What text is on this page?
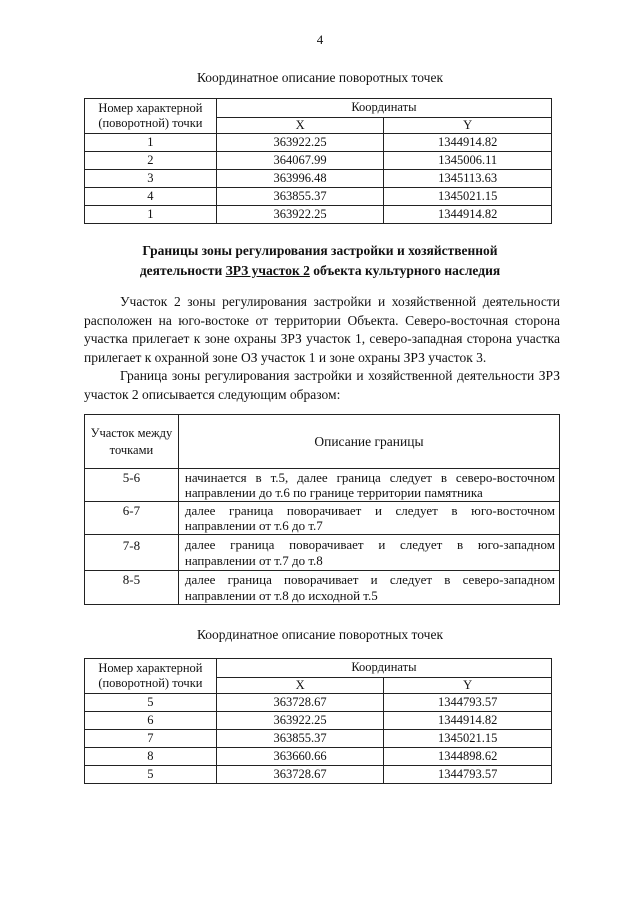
4
Координатное описание поворотных точек
Номер характерной (поворотной) точки	Координаты	
	X	Y
1	363922.25	1344914.82
2	364067.99	1345006.11
3	363996.48	1345113.63
4	363855.37	1345021.15
1	363922.25	1344914.82
Границы зоны регулирования застройки и хозяйственной
деятельности ЗРЗ участок 2 объекта культурного наследия

Участок 2 зоны регулирования застройки и хозяйственной деятельности расположен на юго-востоке от территории Объекта. Северо-восточная сторона участка прилегает к зоне охраны ЗРЗ участок 1, северо-западная сторона участка прилегает к охранной зоне ОЗ участок 1 и зоне охраны ЗРЗ участок 3.

Граница зоны регулирования застройки и хозяйственной деятельности ЗРЗ участок 2 описывается следующим образом:

Участок между точками	Описание границы
5-6	начинается в т.5, далее граница следует в северо-восточном направлении до т.6 по границе территории памятника
6-7	далее граница поворачивает и следует в юго-восточном направлении от т.6 до т.7
7-8	далее граница поворачивает и следует в юго-западном направлении от т.7 до т.8
8-5	далее граница поворачивает и следует в северо-западном направлении от т.8 до исходной т.5
Координатное описание поворотных точек
Номер характерной (поворотной) точки	Координаты	
	X	Y
5	363728.67	1344793.57
6	363922.25	1344914.82
7	363855.37	1345021.15
8	363660.66	1344898.62
5	363728.67	1344793.57
